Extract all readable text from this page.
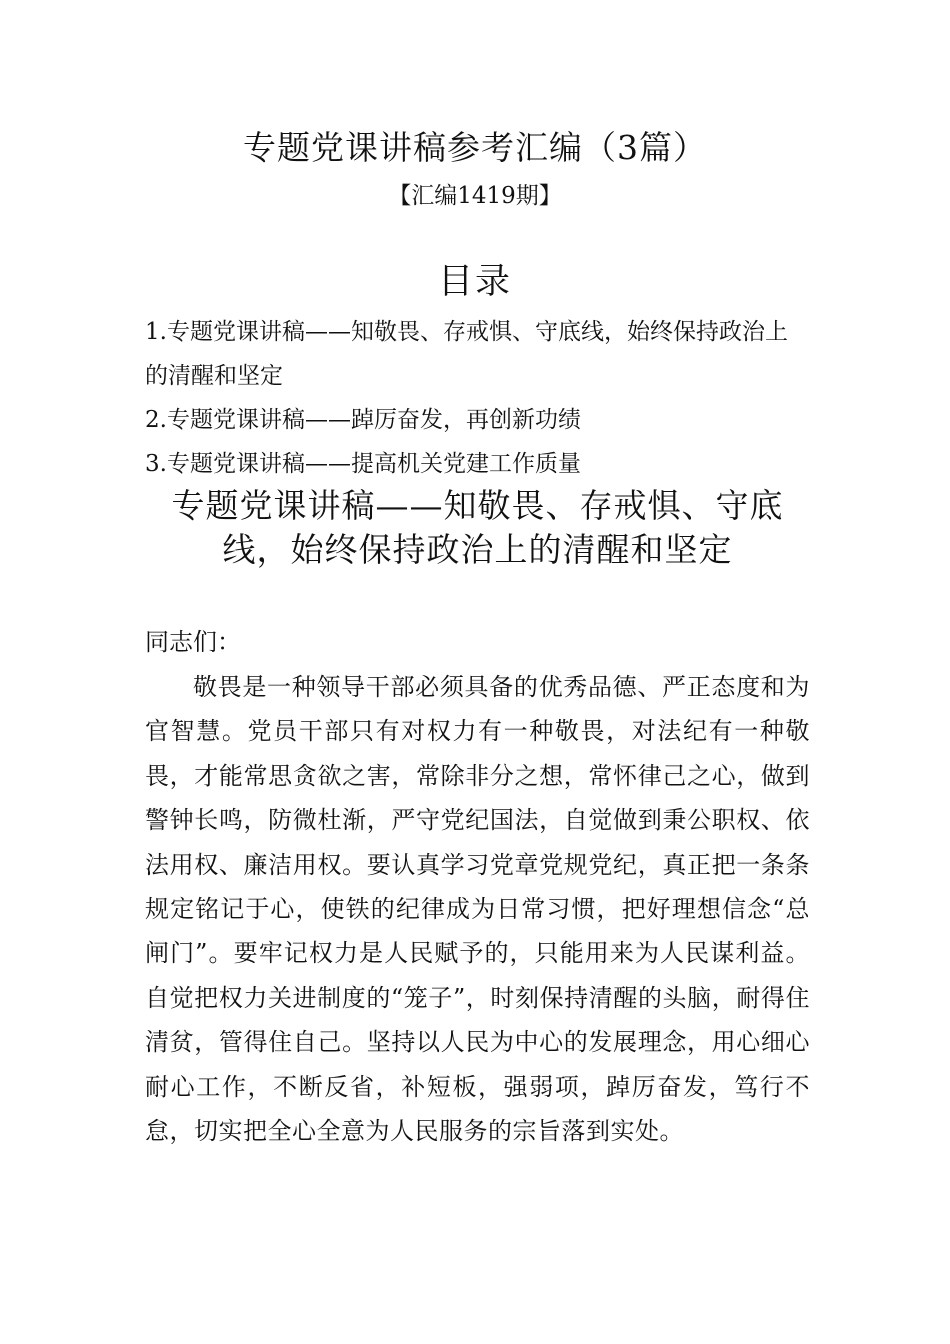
专题党课讲稿参考汇编（3篇）
【汇编1419期】
目录
1.专题党课讲稿——知敬畏、存戒惧、守底线，始终保持政治上的清醒和坚定
2.专题党课讲稿——踔厉奋发，再创新功绩
3.专题党课讲稿——提高机关党建工作质量
专题党课讲稿——知敬畏、存戒惧、守底线，始终保持政治上的清醒和坚定

同志们：

敬畏是一种领导干部必须具备的优秀品德、严正态度和为官智慧。党员干部只有对权力有一种敬畏，对法纪有一种敬畏，才能常思贪欲之害，常除非分之想，常怀律己之心，做到警钟长鸣，防微杜渐，严守党纪国法，自觉做到秉公职权、依法用权、廉洁用权。要认真学习党章党规党纪，真正把一条条规定铭记于心，使铁的纪律成为日常习惯，把好理想信念“总闸门”。要牢记权力是人民赋予的，只能用来为人民谋利益。自觉把权力关进制度的“笼子”，时刻保持清醒的头脑，耐得住清贫，管得住自己。坚持以人民为中心的发展理念，用心细心耐心工作，不断反省，补短板，强弱项，踔厉奋发，笃行不怠，切实把全心全意为人民服务的宗旨落到实处。
